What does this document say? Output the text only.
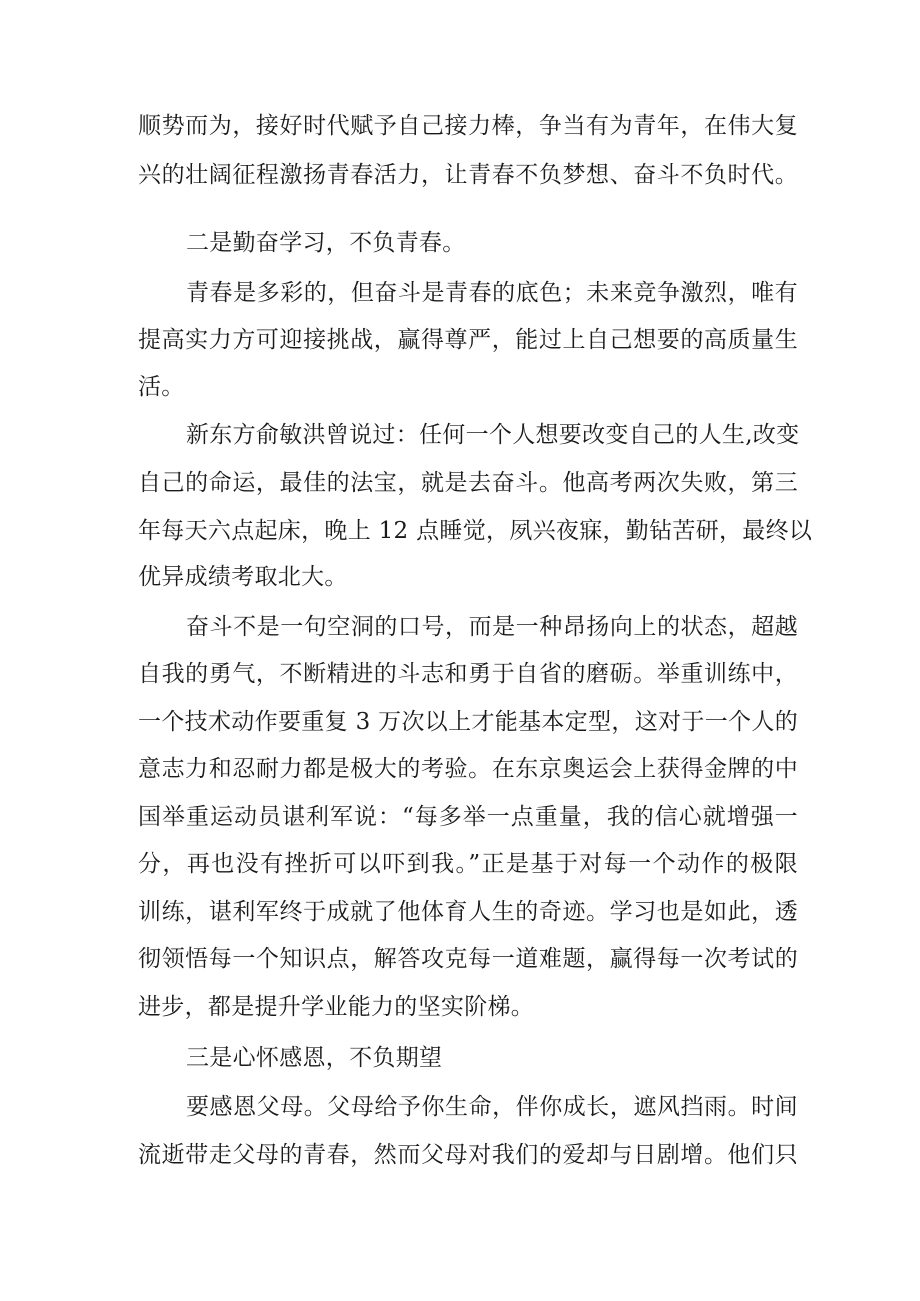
顺势而为，接好时代赋予自己接力棒，争当有为青年，在伟大复
兴的壮阔征程激扬青春活力，让青春不负梦想、奋斗不负时代。
二是勤奋学习，不负青春。
青春是多彩的，但奋斗是青春的底色；未来竞争激烈，唯有
提高实力方可迎接挑战，赢得尊严，能过上自己想要的高质量生
活。
新东方俞敏洪曾说过：任何一个人想要改变自己的人生,改变
自己的命运，最佳的法宝，就是去奋斗。他高考两次失败，第三
年每天六点起床，晚上 12 点睡觉，夙兴夜寐，勤钻苦研，最终以
优异成绩考取北大。
奋斗不是一句空洞的口号，而是一种昂扬向上的状态，超越
自我的勇气，不断精进的斗志和勇于自省的磨砺。举重训练中，
一个技术动作要重复 3 万次以上才能基本定型，这对于一个人的
意志力和忍耐力都是极大的考验。在东京奥运会上获得金牌的中
国举重运动员谌利军说：“每多举一点重量，我的信心就增强一
分，再也没有挫折可以吓到我。”正是基于对每一个动作的极限
训练，谌利军终于成就了他体育人生的奇迹。学习也是如此，透
彻领悟每一个知识点，解答攻克每一道难题，赢得每一次考试的
进步，都是提升学业能力的坚实阶梯。
三是心怀感恩，不负期望
要感恩父母。父母给予你生命，伴你成长，遮风挡雨。时间
流逝带走父母的青春，然而父母对我们的爱却与日剧增。他们只
